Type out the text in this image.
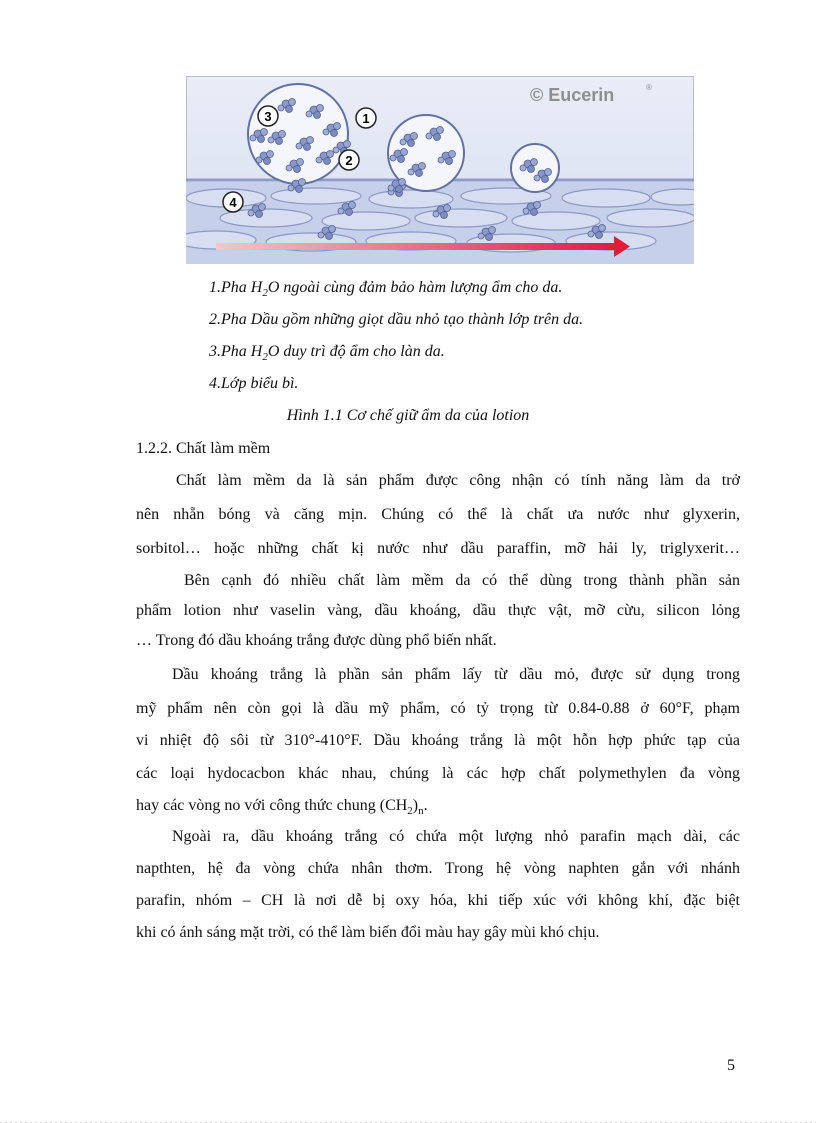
3	1
2
4
© Eucerin	®
1.Pha $H_2O$ ngoài cùng đảm bảo hàm lượng ẩm cho da.
2.Pha Dầu gồm những giọt dầu nhỏ tạo thành lớp trên da.
3.Pha $H_2O$ duy trì độ ẩm cho làn da.
4.Lớp biểu bì.
Hình 1.1 Cơ chế giữ ẩm da của lotion
1.2.2. Chất làm mềm
Chất làm mềm da là sản phẩm được công nhận có tính năng làm da trở
nên nhẵn bóng và căng mịn. Chúng có thể là chất ưa nước như glyxerin,
sorbitol… hoặc những chất kị nước như dầu paraffin, mỡ hải ly, triglyxerit…
Bên cạnh đó nhiều chất làm mềm da có thể dùng trong thành phần sản
phẩm lotion như vaselin vàng, dầu khoáng, dầu thực vật, mỡ cừu, silicon lỏng
… Trong đó dầu khoáng trắng được dùng phổ biến nhất.
Dầu khoáng trắng là phần sản phẩm lấy từ dầu mỏ, được sử dụng trong
mỹ phẩm nên còn gọi là dầu mỹ phẩm, có tỷ trọng từ 0.84-0.88 ở 60°F, phạm
vi nhiệt độ sôi từ 310°-410°F. Dầu khoáng trắng là một hỗn hợp phức tạp của
các loại hydocacbon khác nhau, chúng là các hợp chất polymethylen đa vòng
hay các vòng no với công thức chung $(CH_2)_n$.
Ngoài ra, dầu khoáng trắng có chứa một lượng nhỏ parafin mạch dài, các
napthten, hệ đa vòng chứa nhân thơm. Trong hệ vòng naphten gắn với nhánh
parafin, nhóm – CH là nơi dễ bị oxy hóa, khi tiếp xúc với không khí, đặc biệt
khi có ánh sáng mặt trời, có thể làm biến đổi màu hay gây mùi khó chịu.
5
